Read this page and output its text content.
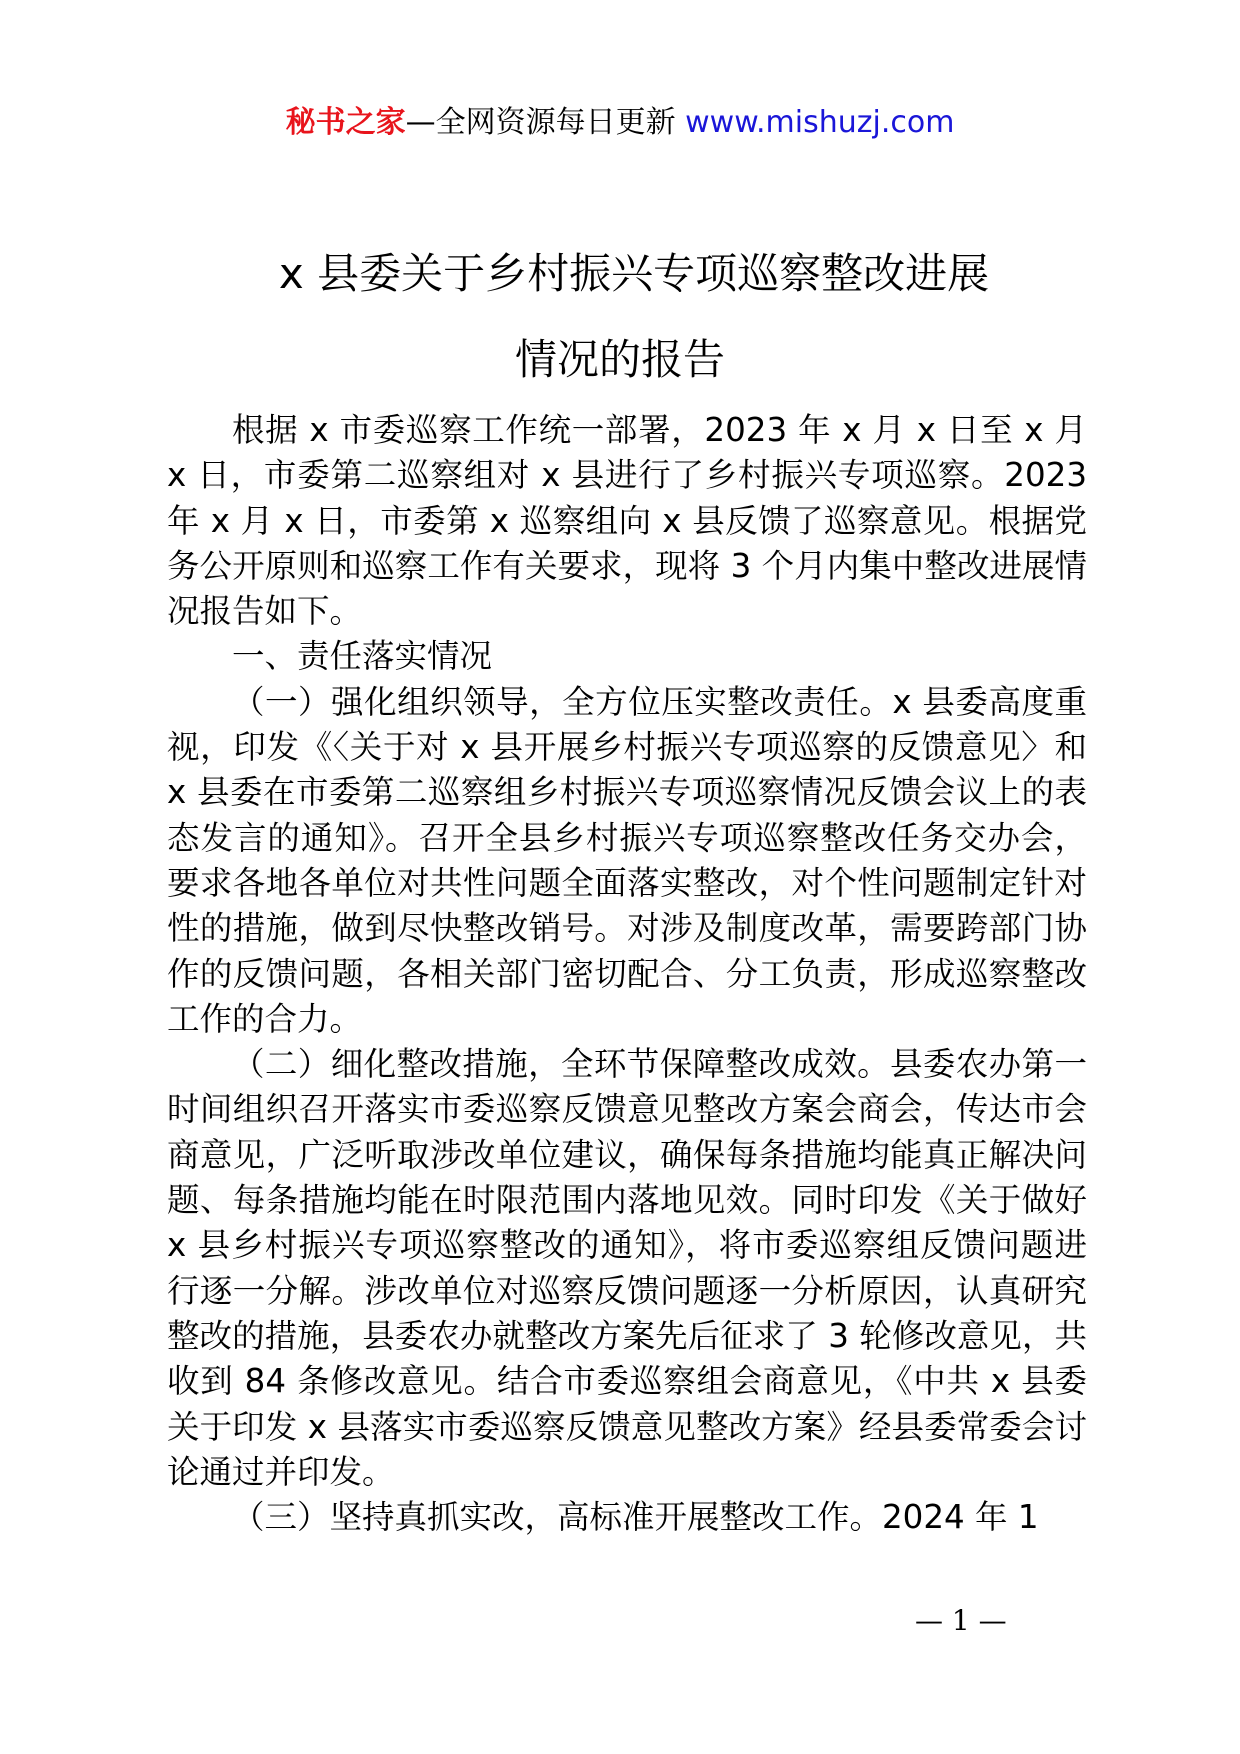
秘书之家—全网资源每日更新 www.mishuzj.com
x 县委关于乡村振兴专项巡察整改进展
情况的报告

根据 x 市委巡察工作统一部署，2023 年 x 月 x 日至 x 月 x 日，市委第二巡察组对 x 县进行了乡村振兴专项巡察。2023 年 x 月 x 日，市委第 x 巡察组向 x 县反馈了巡察意见。根据党务公开原则和巡察工作有关要求，现将 3 个月内集中整改进展情况报告如下。

一、责任落实情况

（一）强化组织领导，全方位压实整改责任。x 县委高度重视，印发《〈关于对 x 县开展乡村振兴专项巡察的反馈意见〉和 x 县委在市委第二巡察组乡村振兴专项巡察情况反馈会议上的表态发言的通知》。召开全县乡村振兴专项巡察整改任务交办会，要求各地各单位对共性问题全面落实整改，对个性问题制定针对性的措施，做到尽快整改销号。对涉及制度改革，需要跨部门协作的反馈问题，各相关部门密切配合、分工负责，形成巡察整改工作的合力。

（二）细化整改措施，全环节保障整改成效。县委农办第一时间组织召开落实市委巡察反馈意见整改方案会商会，传达市会商意见，广泛听取涉改单位建议，确保每条措施均能真正解决问题、每条措施均能在时限范围内落地见效。同时印发《关于做好 x 县乡村振兴专项巡察整改的通知》，将市委巡察组反馈问题进行逐一分解。涉改单位对巡察反馈问题逐一分析原因，认真研究整改的措施，县委农办就整改方案先后征求了 3 轮修改意见，共收到 84 条修改意见。结合市委巡察组会商意见，《中共 x 县委关于印发 x 县落实市委巡察反馈意见整改方案》经县委常委会讨论通过并印发。

（三）坚持真抓实改，高标准开展整改工作。2024 年 1

— 1 —
